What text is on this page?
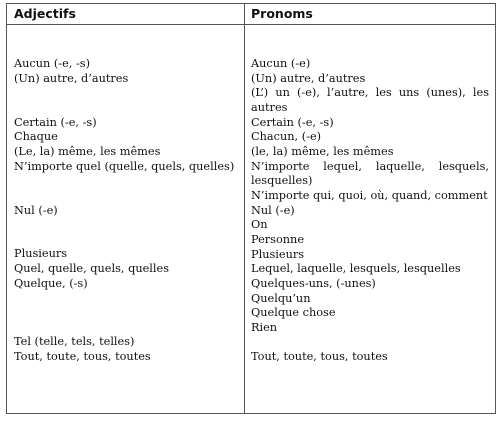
Adjectifs	Pronoms
Aucun (-e, -s)
(Un) autre, d’autres
Certain (-e, -s)
Chaque
(Le, la) même, les mêmes
N’importe quel (quelle, quels, quelles)
Nul (-e)
Plusieurs
Quel, quelle, quels, quelles
Quelque, (-s)
Tel (telle, tels, telles)
Tout, toute, tous, toutes
Aucun (-e)
(Un) autre, d’autres
(L’) un (-e), l’autre, les uns (unes), les autres
Certain (-e, -s)
Chacun, (-e)
(le, la) même, les mêmes
N’importe lequel, laquelle, lesquels, lesquelles)
N’importe qui, quoi, où, quand, comment
Nul (-e)
On
Personne
Plusieurs
Lequel, laquelle, lesquels, lesquelles
Quelques-uns, (-unes)
Quelqu’un
Quelque chose
Rien
Tout, toute, tous, toutes
